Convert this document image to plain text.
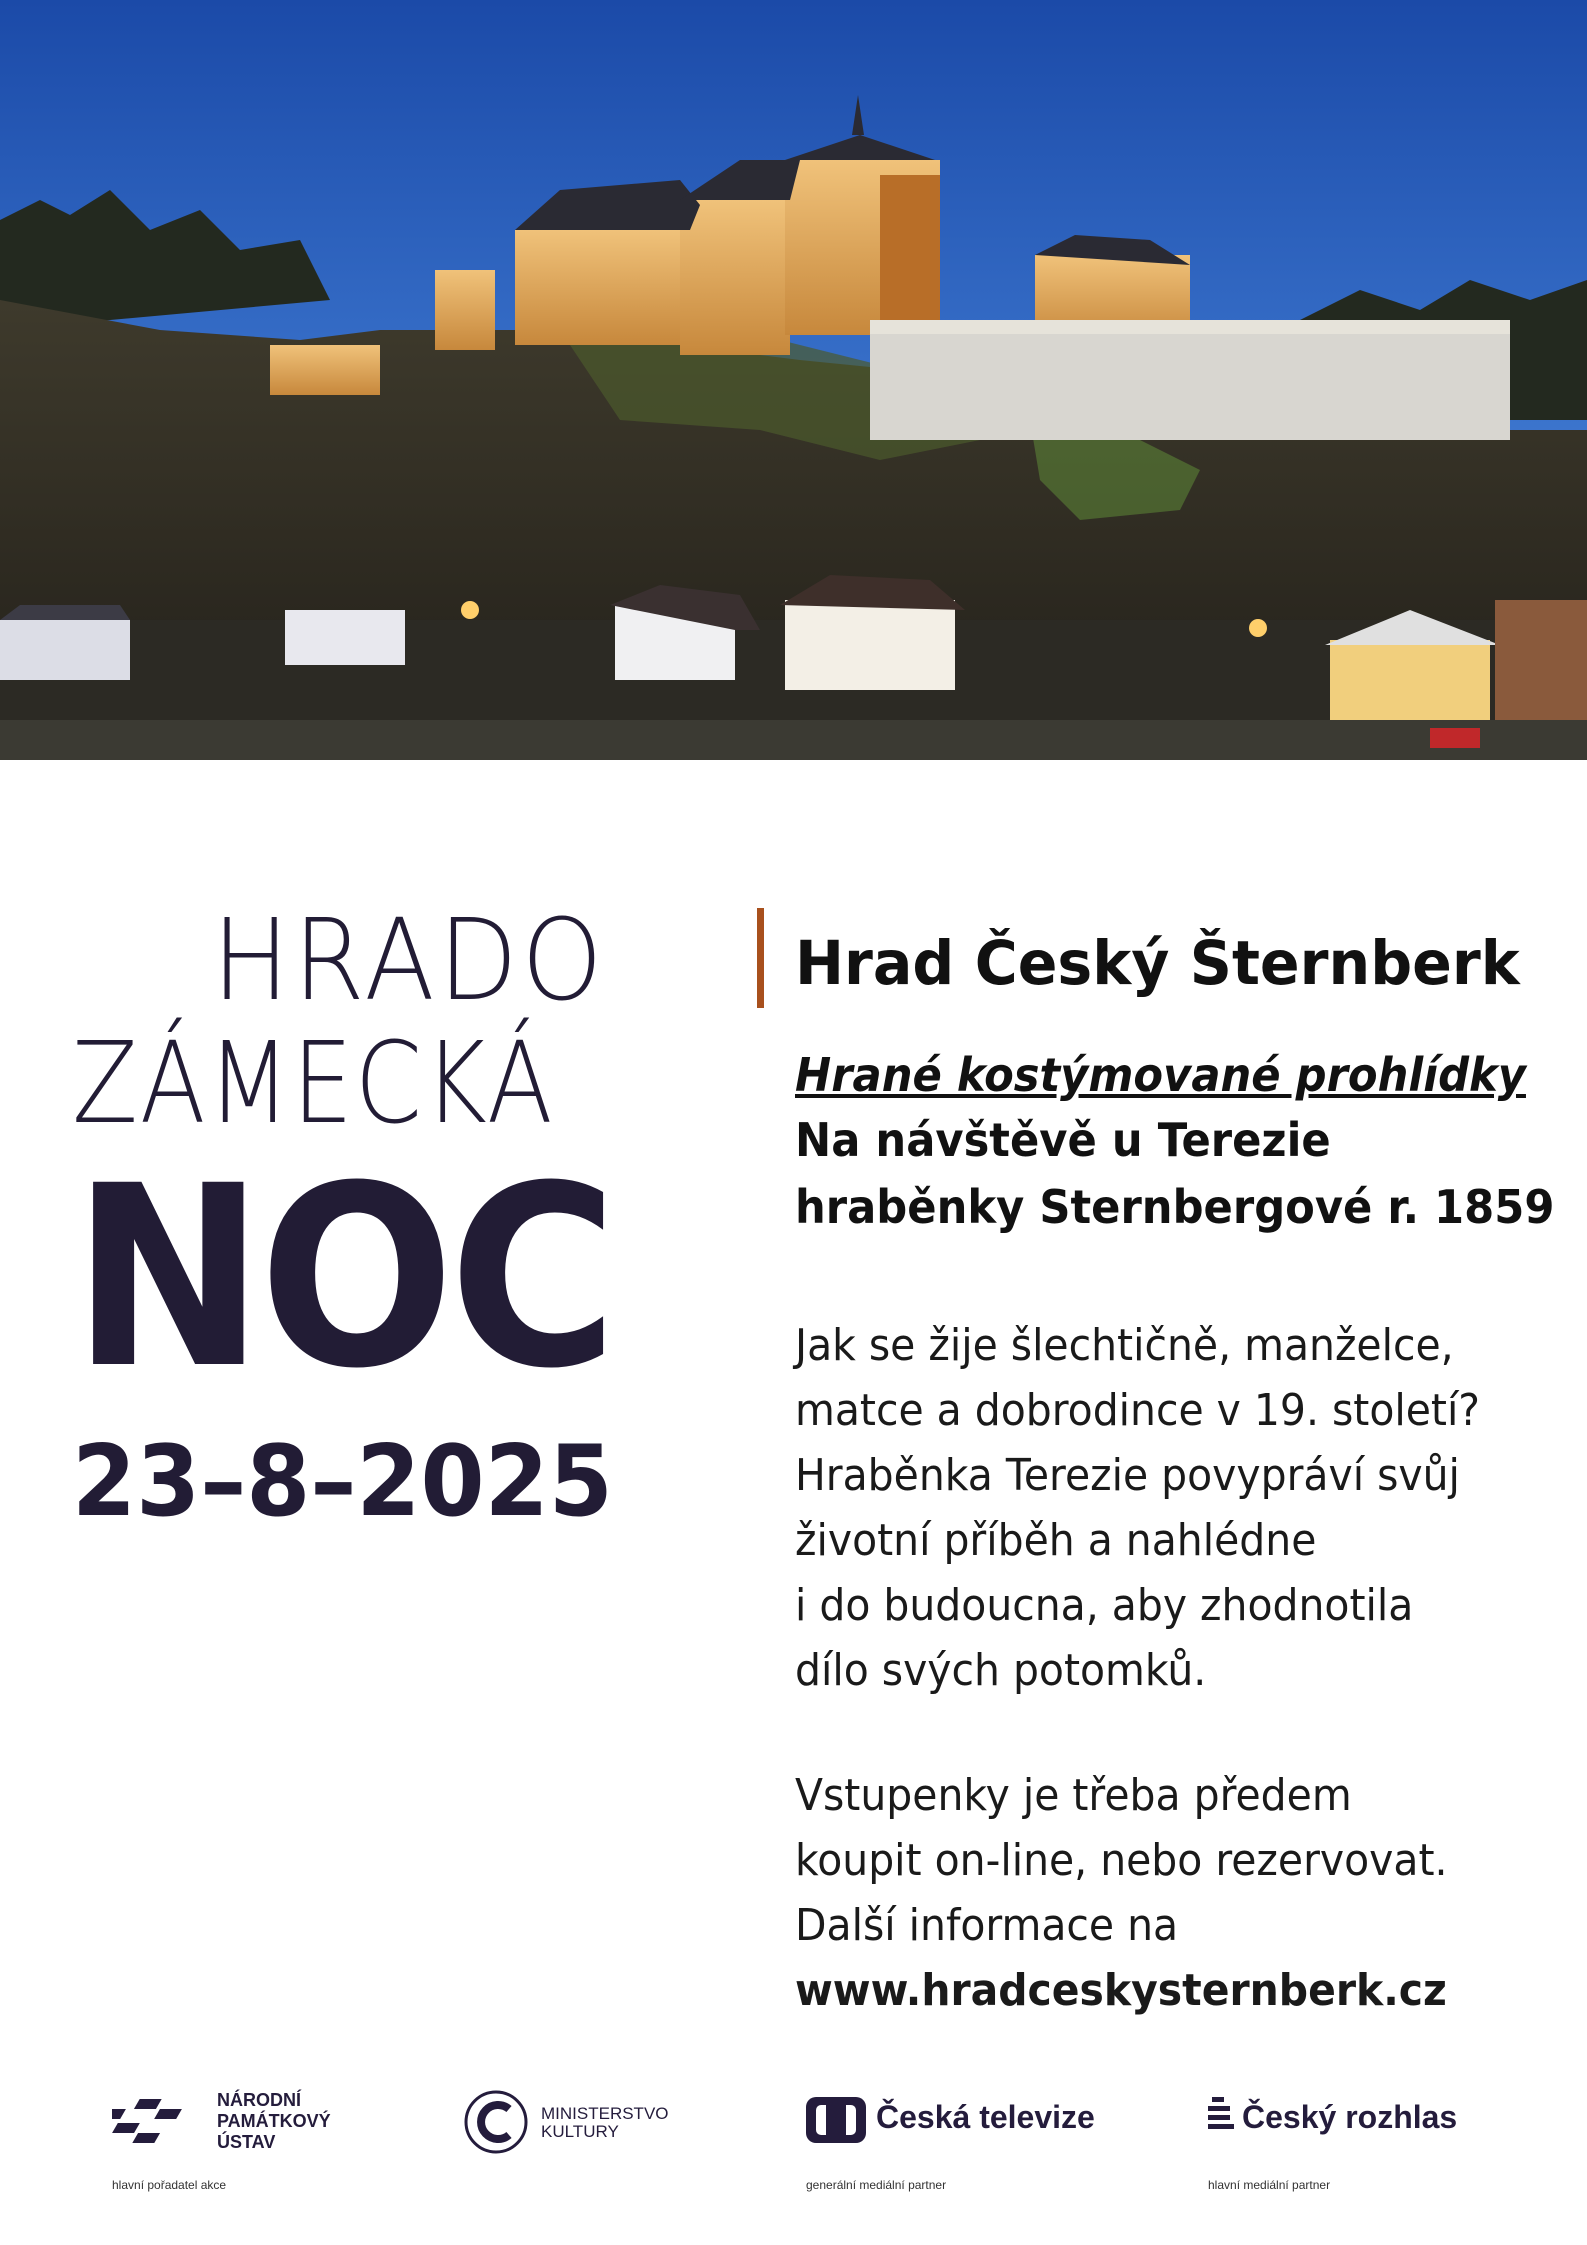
HRADO
ZÁMECKÁ
NOC
23–8–2025
Hrad Český Šternberk
Hrané kostýmované prohlídky
Na návštěvě u Terezie
hraběnky Sternbergové r. 1859
Jak se žije šlechtičně, manželce,
matce a dobrodince v 19. století?
Hraběnka Terezie povypráví svůj
životní příběh a nahlédne
i do budoucna, aby zhodnotila
dílo svých potomků.
Vstupenky je třeba předem
koupit on-line, nebo rezervovat.
Další informace na
www.hradceskysternberk.cz
NÁRODNÍ
PAMÁTKOVÝ
ÚSTAV
hlavní pořadatel akce
MINISTERSTVO
KULTURY	Česká televize
generální mediální partner
Český rozhlas
hlavní mediální partner
